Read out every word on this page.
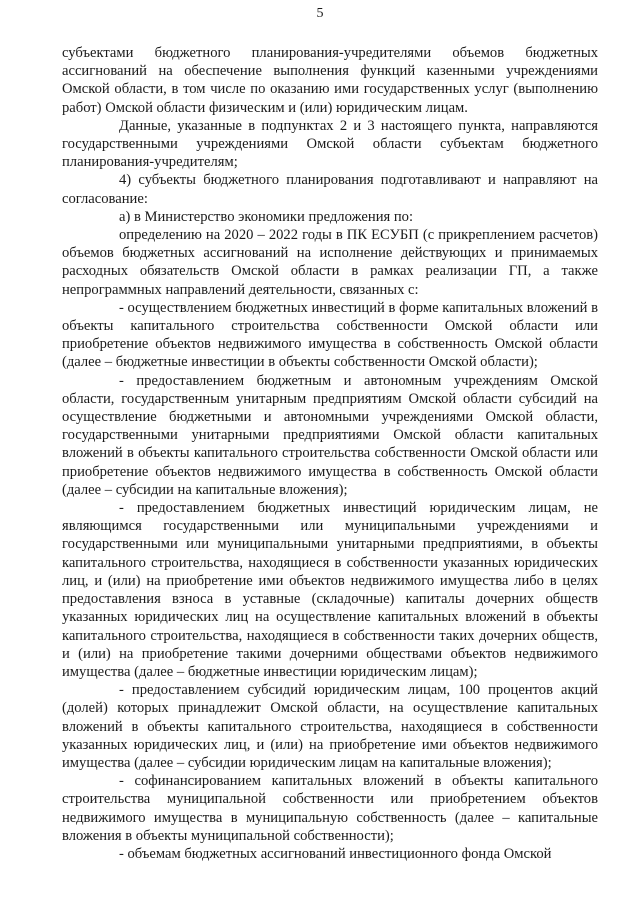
5

субъектами бюджетного планирования-учредителями объемов бюджетных ассигнований на обеспечение выполнения функций казенными учреждениями Омской области, в том числе по оказанию ими государственных услуг (выполнению работ) Омской области физическим и (или) юридическим лицам.

Данные, указанные в подпунктах 2 и 3 настоящего пункта, направляются государственными учреждениями Омской области субъектам бюджетного планирования-учредителям;

4) субъекты бюджетного планирования подготавливают и направляют на согласование:

а) в Министерство экономики предложения по:

определению на 2020 – 2022 годы в ПК ЕСУБП (с прикреплением расчетов) объемов бюджетных ассигнований на исполнение действующих и принимаемых расходных обязательств Омской области в рамках реализации ГП, а также непрограммных направлений деятельности, связанных с:

- осуществлением бюджетных инвестиций в форме капитальных вложений в объекты капитального строительства собственности Омской области или приобретение объектов недвижимого имущества в собственность Омской области (далее – бюджетные инвестиции в объекты собственности Омской области);

- предоставлением бюджетным и автономным учреждениям Омской области, государственным унитарным предприятиям Омской области субсидий на осуществление бюджетными и автономными учреждениями Омской области, государственными унитарными предприятиями Омской области капитальных вложений в объекты капитального строительства собственности Омской области или приобретение объектов недвижимого имущества в собственность Омской области (далее – субсидии на капитальные вложения);

- предоставлением бюджетных инвестиций юридическим лицам, не являющимся государственными или муниципальными учреждениями и государственными или муниципальными унитарными предприятиями, в объекты капитального строительства, находящиеся в собственности указанных юридических лиц, и (или) на приобретение ими объектов недвижимого имущества либо в целях предоставления взноса в уставные (складочные) капиталы дочерних обществ указанных юридических лиц на осуществление капитальных вложений в объекты капитального строительства, находящиеся в собственности таких дочерних обществ, и (или) на приобретение такими дочерними обществами объектов недвижимого имущества (далее – бюджетные инвестиции юридическим лицам);

- предоставлением субсидий юридическим лицам, 100 процентов акций (долей) которых принадлежит Омской области, на осуществление капитальных вложений в объекты капитального строительства, находящиеся в собственности указанных юридических лиц, и (или) на приобретение ими объектов недвижимого имущества (далее – субсидии юридическим лицам на капитальные вложения);

- софинансированием капитальных вложений в объекты капитального строительства муниципальной собственности или приобретением объектов недвижимого имущества в муниципальную собственность (далее – капитальные вложения в объекты муниципальной собственности);

- объемам бюджетных ассигнований инвестиционного фонда Омской
